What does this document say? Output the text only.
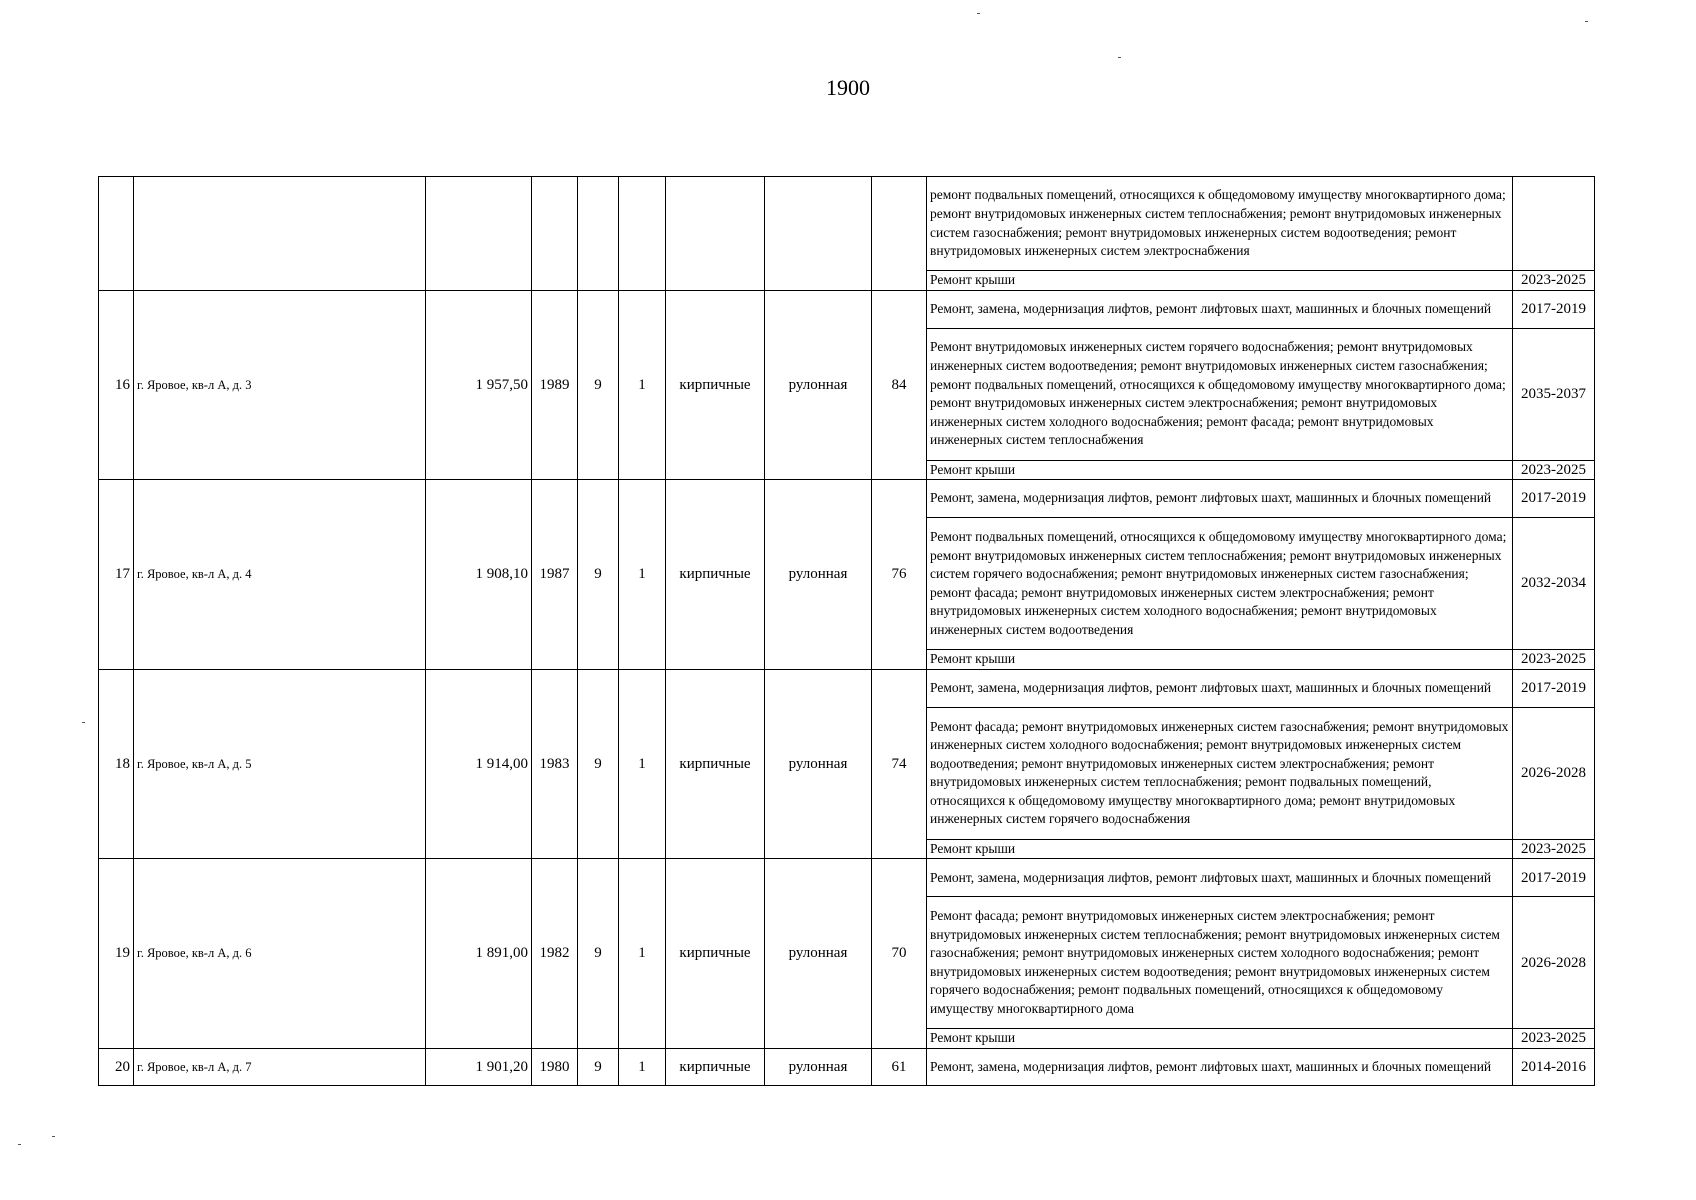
1900
									ремонт подвальных помещений, относящихся к общедомовому имуществу многоквартирного дома; ремонт внутридомовых инженерных систем теплоснабжения; ремонт внутридомовых инженерных систем газоснабжения; ремонт внутридомовых инженерных систем водоотведения; ремонт внутридомовых инженерных систем электроснабжения	
									Ремонт крыши	2023-2025
16	г. Яровое, кв-л А, д. 3	1 957,50	1989	9	1	кирпичные	рулонная	84	Ремонт, замена, модернизация лифтов, ремонт лифтовых шахт, машинных и блочных помещений	2017-2019
									Ремонт внутридомовых инженерных систем горячего водоснабжения; ремонт внутридомовых инженерных систем водоотведения; ремонт внутридомовых инженерных систем газоснабжения; ремонт подвальных помещений, относящихся к общедомовому имуществу многоквартирного дома; ремонт внутридомовых инженерных систем электроснабжения; ремонт внутридомовых инженерных систем холодного водоснабжения; ремонт фасада; ремонт внутридомовых инженерных систем теплоснабжения	2035-2037
									Ремонт крыши	2023-2025
17	г. Яровое, кв-л А, д. 4	1 908,10	1987	9	1	кирпичные	рулонная	76	Ремонт, замена, модернизация лифтов, ремонт лифтовых шахт, машинных и блочных помещений	2017-2019
									Ремонт подвальных помещений, относящихся к общедомовому имуществу многоквартирного дома; ремонт внутридомовых инженерных систем теплоснабжения; ремонт внутридомовых инженерных систем горячего водоснабжения; ремонт внутридомовых инженерных систем газоснабжения; ремонт фасада; ремонт внутридомовых инженерных систем электроснабжения; ремонт внутридомовых инженерных систем холодного водоснабжения; ремонт внутридомовых инженерных систем водоотведения	2032-2034
									Ремонт крыши	2023-2025
18	г. Яровое, кв-л А, д. 5	1 914,00	1983	9	1	кирпичные	рулонная	74	Ремонт, замена, модернизация лифтов, ремонт лифтовых шахт, машинных и блочных помещений	2017-2019
									Ремонт фасада; ремонт внутридомовых инженерных систем газоснабжения; ремонт внутридомовых инженерных систем холодного водоснабжения; ремонт внутридомовых инженерных систем водоотведения; ремонт внутридомовых инженерных систем электроснабжения; ремонт внутридомовых инженерных систем теплоснабжения; ремонт подвальных помещений, относящихся к общедомовому имуществу многоквартирного дома; ремонт внутридомовых инженерных систем горячего водоснабжения	2026-2028
									Ремонт крыши	2023-2025
19	г. Яровое, кв-л А, д. 6	1 891,00	1982	9	1	кирпичные	рулонная	70	Ремонт, замена, модернизация лифтов, ремонт лифтовых шахт, машинных и блочных помещений	2017-2019
									Ремонт фасада; ремонт внутридомовых инженерных систем электроснабжения; ремонт внутридомовых инженерных систем теплоснабжения; ремонт внутридомовых инженерных систем газоснабжения; ремонт внутридомовых инженерных систем холодного водоснабжения; ремонт внутридомовых инженерных систем водоотведения; ремонт внутридомовых инженерных систем горячего водоснабжения; ремонт подвальных помещений, относящихся к общедомовому имуществу многоквартирного дома	2026-2028
									Ремонт крыши	2023-2025
20	г. Яровое, кв-л А, д. 7	1 901,20	1980	9	1	кирпичные	рулонная	61	Ремонт, замена, модернизация лифтов, ремонт лифтовых шахт, машинных и блочных помещений	2014-2016
